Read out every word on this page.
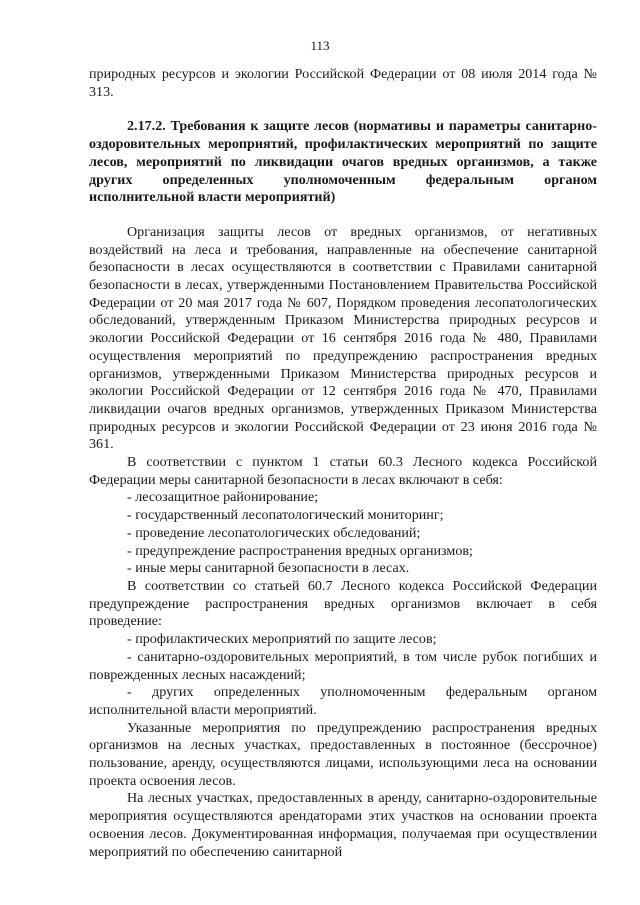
113

природных ресурсов и экологии Российской Федерации от 08 июля 2014 года № 313.

2.17.2. Требования к защите лесов (нормативы и параметры санитарно-оздоровительных мероприятий, профилактических мероприятий по защите лесов, мероприятий по ликвидации очагов вредных организмов, а также других определенных уполномоченным федеральным органом исполнительной власти мероприятий)

Организация защиты лесов от вредных организмов, от негативных воздействий на леса и требования, направленные на обеспечение санитарной безопасности в лесах осуществляются в соответствии с Правилами санитарной безопасности в лесах, утвержденными Постановлением Правительства Российской Федерации от 20 мая 2017 года № 607, Порядком проведения лесопатологических обследований, утвержденным Приказом Министерства природных ресурсов и экологии Российской Федерации от 16 сентября 2016 года № 480, Правилами осуществления мероприятий по предупреждению распространения вредных организмов, утвержденными Приказом Министерства природных ресурсов и экологии Российской Федерации от 12 сентября 2016 года № 470, Правилами ликвидации очагов вредных организмов, утвержденных Приказом Министерства природных ресурсов и экологии Российской Федерации от 23 июня 2016 года № 361.

В соответствии с пунктом 1 статьи 60.3 Лесного кодекса Российской Федерации меры санитарной безопасности в лесах включают в себя:

- лесозащитное районирование;

- государственный лесопатологический мониторинг;

- проведение лесопатологических обследований;

- предупреждение распространения вредных организмов;

- иные меры санитарной безопасности в лесах.

В соответствии со статьей 60.7 Лесного кодекса Российской Федерации предупреждение распространения вредных организмов включает в себя проведение:

- профилактических мероприятий по защите лесов;

- санитарно-оздоровительных мероприятий, в том числе рубок погибших и поврежденных лесных насаждений;

- других определенных уполномоченным федеральным органом исполнительной власти мероприятий.

Указанные мероприятия по предупреждению распространения вредных организмов на лесных участках, предоставленных в постоянное (бессрочное) пользование, аренду, осуществляются лицами, использующими леса на основании проекта освоения лесов.

На лесных участках, предоставленных в аренду, санитарно-оздоровительные мероприятия осуществляются арендаторами этих участков на основании проекта освоения лесов. Документированная информация, получаемая при осуществлении мероприятий по обеспечению санитарной
